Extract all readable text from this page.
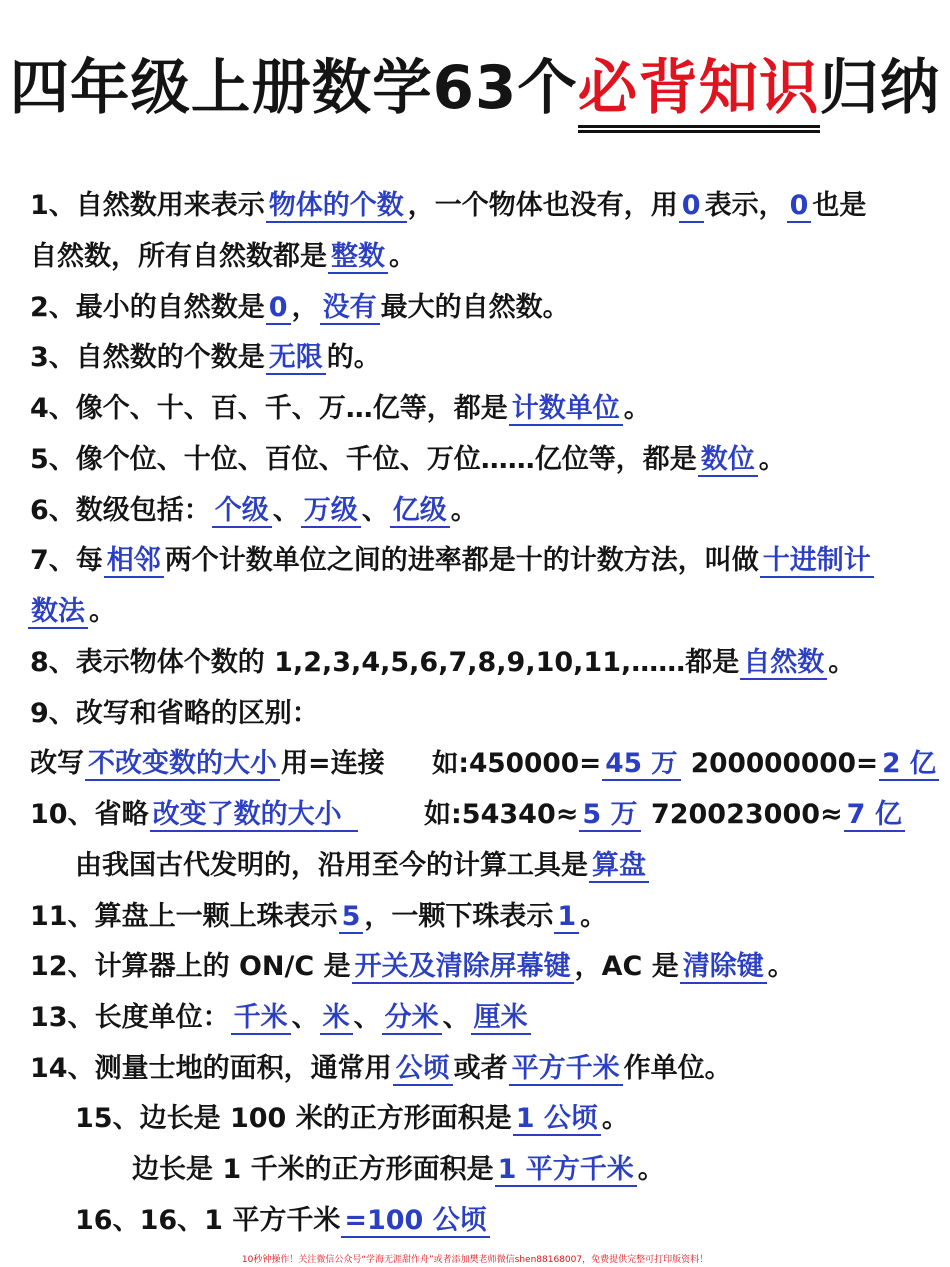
四年级上册数学63个必背知识归纳
1、自然数用来表示 物体的个数 ，一个物体也没有，用 0 表示， 0 也是
自然数，所有自然数都是 整数 。
2、最小的自然数是 0 ， 没有 最大的自然数。
3、自然数的个数是 无限 的。
4、像个、十、百、千、万…亿等，都是 计数单位 。
5、像个位、十位、百位、千位、万位……亿位等，都是 数位 。
6、数级包括： 个级 、 万级 、 亿级 。
7、每 相邻 两个计数单位之间的进率都是十的计数方法，叫做 十进制计
数法 。
8、表示物体个数的 1,2,3,4,5,6,7,8,9,10,11,……都是 自然数 。
9、改写和省略的区别：
改写 不改变数的大小 用=连接 如:450000= 45 万 200000000= 2 亿
10、省略 改变了数的大小	如:54340≈ 5 万 720023000≈ 7 亿
由我国古代发明的，沿用至今的计算工具是 算盘
11、算盘上一颗上珠表示 5 ，一颗下珠表示 1 。
12、计算器上的 ON/C 是 开关及清除屏幕键 ，AC 是 清除键 。
13、长度单位： 千米 、 米 、 分米 、 厘米
14、测量士地的面积，通常用 公顷 或者 平方千米 作单位。
15、边长是 100 米的正方形面积是 1 公顷 。
边长是 1 千米的正方形面积是 1 平方千米 。
16、16、1 平方千米 =100 公顷
10秒钟操作！关注微信公众号“学海无涯甜作舟”或者添加樊老师微信shen88168007，免费提供完整可打印版资料！
